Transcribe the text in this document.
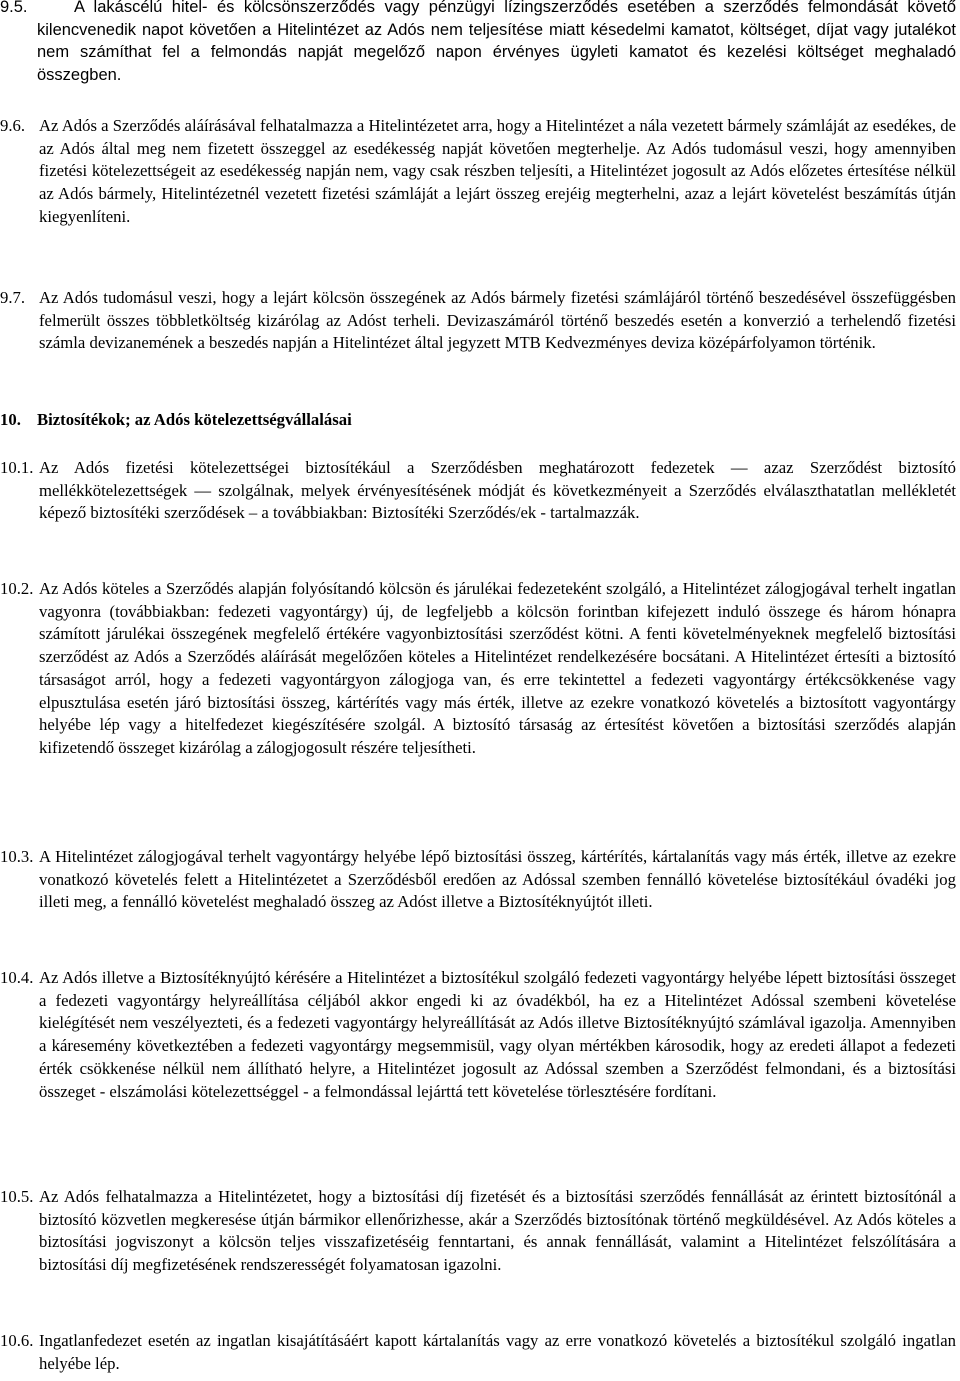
9.5.	A lakáscélú hitel- és kölcsönszerződés vagy pénzügyi lízingszerződés esetében a szerződés felmondását követő kilencvenedik napot követően a Hitelintézet az Adós nem teljesítése miatt késedelmi kamatot, költséget, díjat vagy jutalékot nem számíthat fel a felmondás napját megelőző napon érvényes ügyleti kamatot és kezelési költséget meghaladó összegben.
9.6. Az Adós a Szerződés aláírásával felhatalmazza a Hitelintézetet arra, hogy a Hitelintézet a nála vezetett bármely számláját az esedékes, de az Adós által meg nem fizetett összeggel az esedékesség napját követően megterhelje. Az Adós tudomásul veszi, hogy amennyiben fizetési kötelezettségeit az esedékesség napján nem, vagy csak részben teljesíti, a Hitelintézet jogosult az Adós előzetes értesítése nélkül az Adós bármely, Hitelintézetnél vezetett fizetési számláját a lejárt összeg erejéig megterhelni, azaz a lejárt követelést beszámítás útján kiegyenlíteni.
9.7. Az Adós tudomásul veszi, hogy a lejárt kölcsön összegének az Adós bármely fizetési számlájáról történő beszedésével összefüggésben felmerült összes többletköltség kizárólag az Adóst terheli. Devizaszámáról történő beszedés esetén a konverzió a terhelendő fizetési számla devizanemének a beszedés napján a Hitelintézet által jegyzett MTB Kedvezményes deviza középárfolyamon történik.
10. Biztosítékok; az Adós kötelezettségvállalásai
10.1. Az Adós fizetési kötelezettségei biztosítékául a Szerződésben meghatározott fedezetek — azaz Szerződést biztosító mellékkötelezettségek — szolgálnak, melyek érvényesítésének módját és következményeit a Szerződés elválaszthatatlan mellékletét képező biztosítéki szerződések – a továbbiakban: Biztosítéki Szerződés/ek - tartalmazzák.
10.2. Az Adós köteles a Szerződés alapján folyósítandó kölcsön és járulékai fedezeteként szolgáló, a Hitelintézet zálogjogával terhelt ingatlan vagyonra (továbbiakban: fedezeti vagyontárgy) új, de legfeljebb a kölcsön forintban kifejezett induló összege és három hónapra számított járulékai összegének megfelelő értékére vagyonbiztosítási szerződést kötni. A fenti követelményeknek megfelelő biztosítási szerződést az Adós a Szerződés aláírását megelőzően köteles a Hitelintézet rendelkezésére bocsátani. A Hitelintézet értesíti a biztosító társaságot arról, hogy a fedezeti vagyontárgyon zálogjoga van, és erre tekintettel a fedezeti vagyontárgy értékcsökkenése vagy elpusztulása esetén járó biztosítási összeg, kártérítés vagy más érték, illetve az ezekre vonatkozó követelés a biztosított vagyontárgy helyébe lép vagy a hitelfedezet kiegészítésére szolgál. A biztosító társaság az értesítést követően a biztosítási szerződés alapján kifizetendő összeget kizárólag a zálogjogosult részére teljesítheti.
10.3. A Hitelintézet zálogjogával terhelt vagyontárgy helyébe lépő biztosítási összeg, kártérítés, kártalanítás vagy más érték, illetve az ezekre vonatkozó követelés felett a Hitelintézetet a Szerződésből eredően az Adóssal szemben fennálló követelése biztosítékául óvadéki jog illeti meg, a fennálló követelést meghaladó összeg az Adóst illetve a Biztosítéknyújtót illeti.
10.4. Az Adós illetve a Biztosítéknyújtó kérésére a Hitelintézet a biztosítékul szolgáló fedezeti vagyontárgy helyébe lépett biztosítási összeget a fedezeti vagyontárgy helyreállítása céljából akkor engedi ki az óvadékból, ha ez a Hitelintézet Adóssal szembeni követelése kielégítését nem veszélyezteti, és a fedezeti vagyontárgy helyreállítását az Adós illetve Biztosítéknyújtó számlával igazolja. Amennyiben a káresemény következtében a fedezeti vagyontárgy megsemmisül, vagy olyan mértékben károsodik, hogy az eredeti állapot a fedezeti érték csökkenése nélkül nem állítható helyre, a Hitelintézet jogosult az Adóssal szemben a Szerződést felmondani, és a biztosítási összeget - elszámolási kötelezettséggel - a felmondással lejárttá tett követelése törlesztésére fordítani.
10.5. Az Adós felhatalmazza a Hitelintézetet, hogy a biztosítási díj fizetését és a biztosítási szerződés fennállását az érintett biztosítónál a biztosító közvetlen megkeresése útján bármikor ellenőrizhesse, akár a Szerződés biztosítónak történő megküldésével. Az Adós köteles a biztosítási jogviszonyt a kölcsön teljes visszafizetéséig fenntartani, és annak fennállását, valamint a Hitelintézet felszólítására a biztosítási díj megfizetésének rendszerességét folyamatosan igazolni.
10.6. Ingatlanfedezet esetén az ingatlan kisajátításáért kapott kártalanítás vagy az erre vonatkozó követelés a biztosítékul szolgáló ingatlan helyébe lép.
